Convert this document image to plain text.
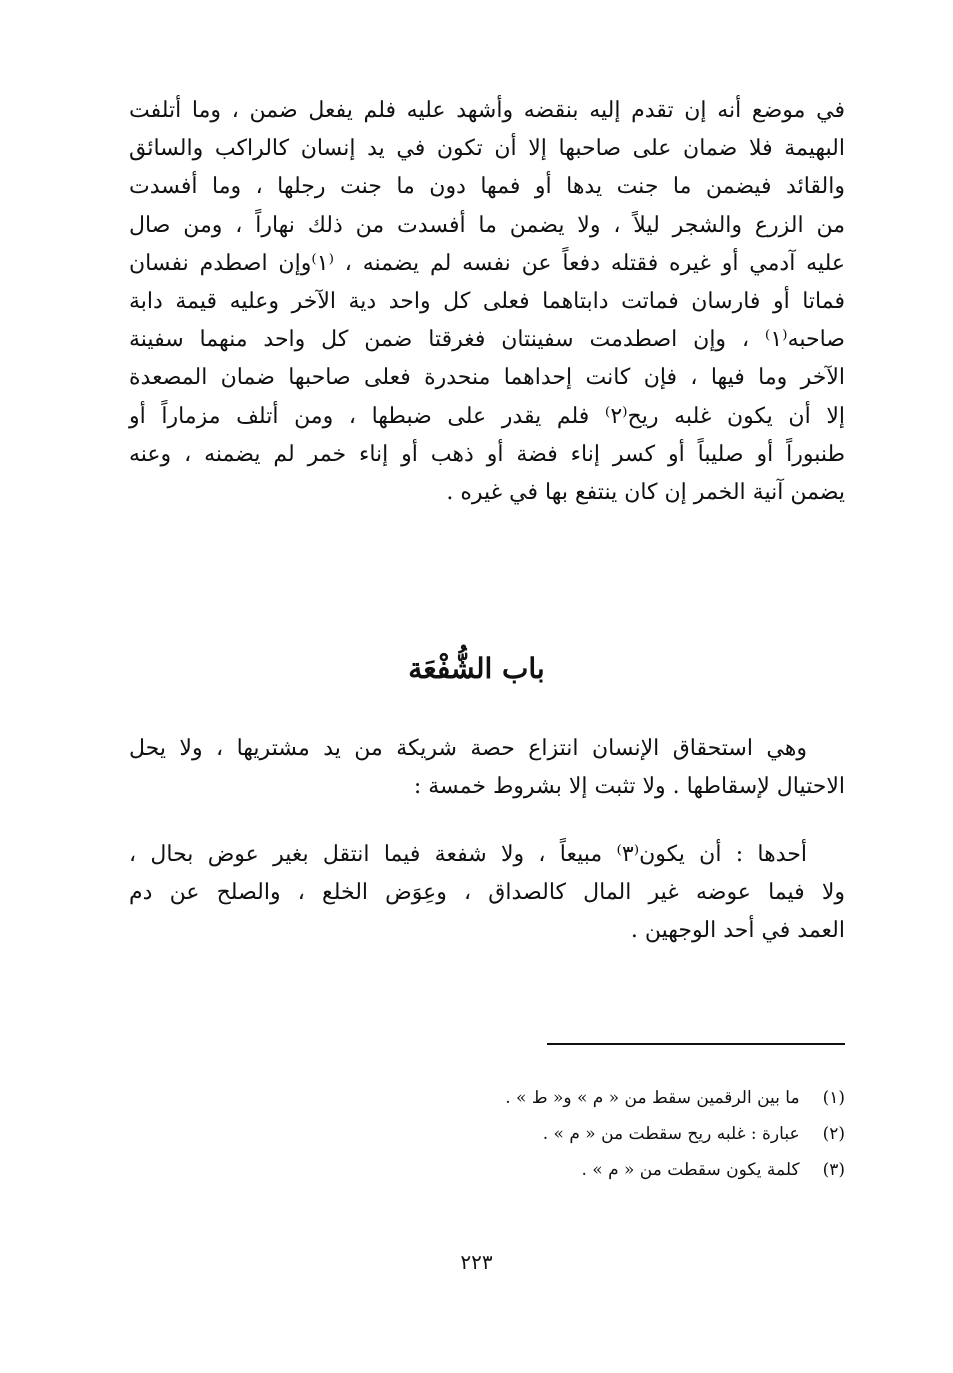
في موضع أنه إن تقدم إليه بنقضه وأشهد عليه فلم يفعل ضمن ، وما أتلفت
البهيمة فلا ضمان على صاحبها إلا أن تكون في يد إنسان كالراكب والسائق
والقائد فيضمن ما جنت يدها أو فمها دون ما جنت رجلها ، وما أفسدت
من الزرع والشجر ليلاً ، ولا يضمن ما أفسدت من ذلك نهاراً ، ومن صال
عليه آدمي أو غيره فقتله دفعاً عن نفسه لم يضمنه ، ⁽١⁾وإن اصطدم نفسان
فماتا أو فارسان فماتت دابتاهما فعلى كل واحد دية الآخر وعليه قيمة دابة
صاحبه⁽١⁾ ، وإن اصطدمت سفينتان فغرقتا ضمن كل واحد منهما سفينة
الآخر وما فيها ، فإن كانت إحداهما منحدرة فعلى صاحبها ضمان المصعدة
إلا أن يكون غلبه ريح⁽٢⁾ فلم يقدر على ضبطها ، ومن أتلف مزماراً أو
طنبوراً أو صليباً أو كسر إناء فضة أو ذهب أو إناء خمر لم يضمنه ، وعنه
يضمن آنية الخمر إن كان ينتفع بها في غيره .
باب الشُّفْعَة
وهي استحقاق الإنسان انتزاع حصة شريكة من يد مشتريها ، ولا يحل
الاحتيال لإسقاطها . ولا تثبت إلا بشروط خمسة :
أحدها : أن يكون⁽٣⁾ مبيعاً ، ولا شفعة فيما انتقل بغير عوض بحال ،
ولا فيما عوضه غير المال كالصداق ، وعِوَض الخلع ، والصلح عن دم
العمد في أحد الوجهين .
(١) ما بين الرقمين سقط من « م » و« ط » .
(٢) عبارة : غلبه ريح سقطت من « م » .
(٣) كلمة يكون سقطت من « م » .
٢٢٣
